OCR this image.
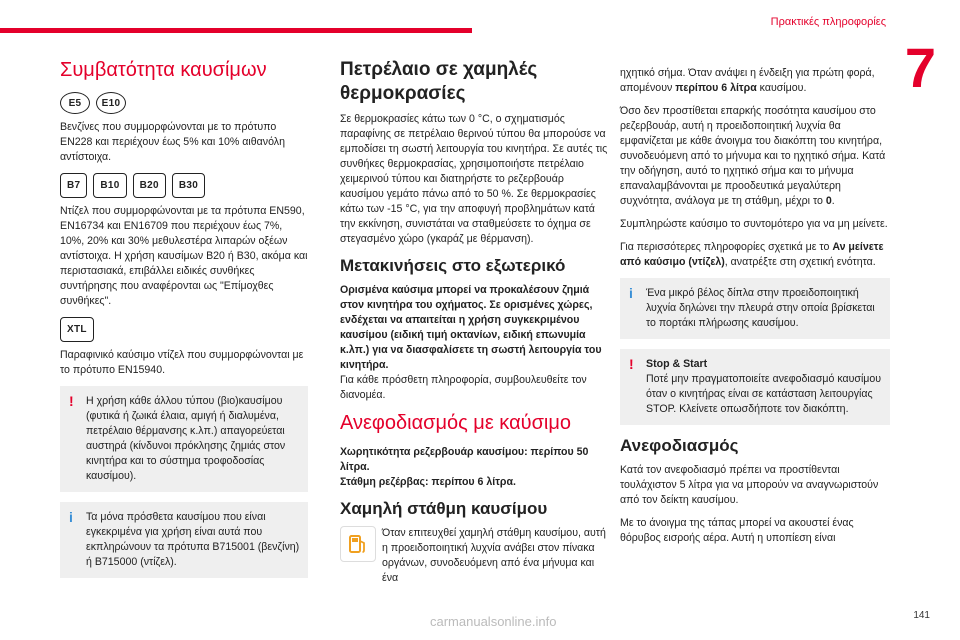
Πρακτικές πληροφορίες
7
Συμβατότητα καυσίμων
E5	E10

Βενζίνες που συμμορφώνονται με το πρότυπο EN228 και περιέχουν έως 5% και 10% αιθανόλη αντίστοιχα.

B7	B10	B20	B30

Ντίζελ που συμμορφώνονται με τα πρότυπα EN590, EN16734 και EN16709 που περιέχουν έως 7%, 10%, 20% και 30% μεθυλεστέρα λιπαρών οξέων αντίστοιχα. Η χρήση καυσίμων B20 ή B30, ακόμα και περιστασιακά, επιβάλλει ειδικές συνθήκες συντήρησης που αναφέρονται ως "Επίμοχθες συνθήκες".

XTL

Παραφινικό καύσιμο ντίζελ που συμμορφώνονται με το πρότυπο EN15940.

! Η χρήση κάθε άλλου τύπου (βιο)καυσίμου (φυτικά ή ζωικά έλαια, αμιγή ή διαλυμένα, πετρέλαιο θέρμανσης κ.λπ.) απαγορεύεται αυστηρά (κίνδυνοι πρόκλησης ζημιάς στον κινητήρα και το σύστημα τροφοδοσίας καυσίμου).
i Τα μόνα πρόσθετα καυσίμου που είναι εγκεκριμένα για χρήση είναι αυτά που εκπληρώνουν τα πρότυπα B715001 (βενζίνη) ή B715000 (ντίζελ).
Πετρέλαιο σε χαμηλές θερμοκρασίες

Σε θερμοκρασίες κάτω των 0 °C, ο σχηματισμός παραφίνης σε πετρέλαιο θερινού τύπου θα μπορούσε να εμποδίσει τη σωστή λειτουργία του κινητήρα. Σε αυτές τις συνθήκες θερμοκρασίας, χρησιμοποιήστε πετρέλαιο χειμερινού τύπου και διατηρήστε το ρεζερβουάρ καυσίμου γεμάτο πάνω από το 50 %. Σε θερμοκρασίες κάτω των -15 °C, για την αποφυγή προβλημάτων κατά την εκκίνηση, συνιστάται να σταθμεύσετε το όχημα σε στεγασμένο χώρο (γκαράζ με θέρμανση).

Μετακινήσεις στο εξωτερικό

Ορισμένα καύσιμα μπορεί να προκαλέσουν ζημιά στον κινητήρα του οχήματος. Σε ορισμένες χώρες, ενδέχεται να απαιτείται η χρήση συγκεκριμένου καυσίμου (ειδική τιμή οκτανίων, ειδική επωνυμία κ.λπ.) για να διασφαλίσετε τη σωστή λειτουργία του κινητήρα.

Για κάθε πρόσθετη πληροφορία, συμβουλευθείτε τον διανομέα.

Ανεφοδιασμός με καύσιμο

Χωρητικότητα ρεζερβουάρ καυσίμου: περίπου 50 λίτρα.

Στάθμη ρεζέρβας: περίπου 6 λίτρα.

Χαμηλή στάθμη καυσίμου
Όταν επιτευχθεί χαμηλή στάθμη καυσίμου, αυτή η προειδοποιητική λυχνία ανάβει στον πίνακα οργάνων, συνοδευόμενη από ένα μήνυμα και ένα

ηχητικό σήμα. Όταν ανάψει η ένδειξη για πρώτη φορά, απομένουν περίπου 6 λίτρα καυσίμου.

Όσο δεν προστίθεται επαρκής ποσότητα καυσίμου στο ρεζερβουάρ, αυτή η προειδοποιητική λυχνία θα εμφανίζεται με κάθε άνοιγμα του διακόπτη του κινητήρα, συνοδευόμενη από το μήνυμα και το ηχητικό σήμα. Κατά την οδήγηση, αυτό το ηχητικό σήμα και το μήνυμα επαναλαμβάνονται με προοδευτικά μεγαλύτερη συχνότητα, ανάλογα με τη στάθμη, μέχρι το 0.

Συμπληρώστε καύσιμο το συντομότερο για να μη μείνετε.

Για περισσότερες πληροφορίες σχετικά με το Αν μείνετε από καύσιμο (ντίζελ), ανατρέξτε στη σχετική ενότητα.

i Ένα μικρό βέλος δίπλα στην προειδοποιητική λυχνία δηλώνει την πλευρά στην οποία βρίσκεται το πορτάκι πλήρωσης καυσίμου.
! Stop & Start
Ποτέ μην πραγματοποιείτε ανεφοδιασμό καυσίμου όταν ο κινητήρας είναι σε κατάσταση λειτουργίας STOP. Κλείνετε οπωσδήποτε τον διακόπτη.
Ανεφοδιασμός

Κατά τον ανεφοδιασμό πρέπει να προστίθενται τουλάχιστον 5 λίτρα για να μπορούν να αναγνωριστούν από τον δείκτη καυσίμου.

Με το άνοιγμα της τάπας μπορεί να ακουστεί ένας θόρυβος εισροής αέρα. Αυτή η υποπίεση είναι

carmanualsonline.info	141
